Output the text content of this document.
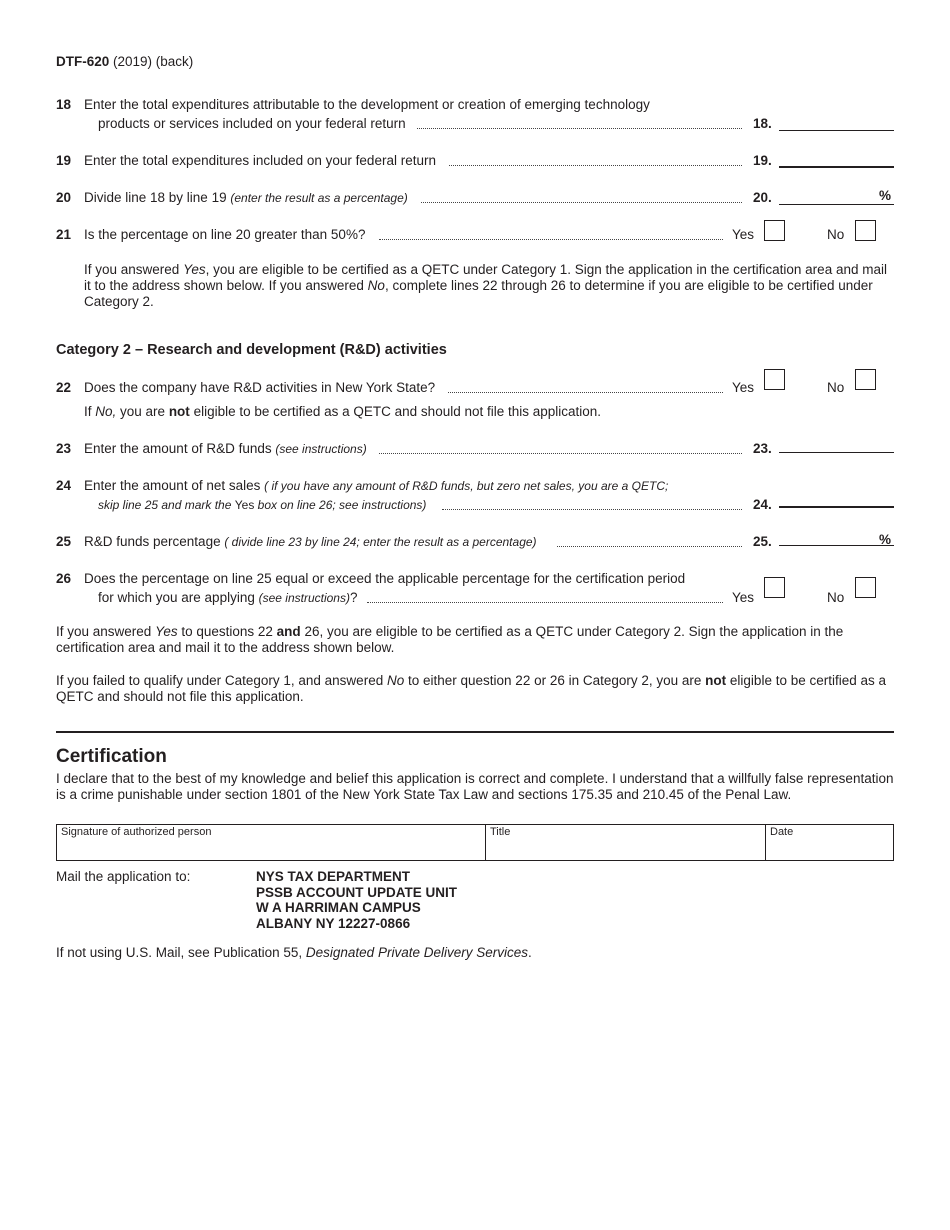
DTF-620 (2019) (back)
18 Enter the total expenditures attributable to the development or creation of emerging technology
products or services included on your federal return	18.
19 Enter the total expenditures included on your federal return	19.
20 Divide line 18 by line 19 (enter the result as a percentage)	20.	%
21 Is the percentage on line 20 greater than 50%?	Yes	No
If you answered Yes, you are eligible to be certified as a QETC under Category 1. Sign the application in the certification area and mail it to the address shown below. If you answered No, complete lines 22 through 26 to determine if you are eligible to be certified under Category 2.
Category 2 – Research and development (R&D) activities
22 Does the company have R&D activities in New York State?	Yes	No
If No, you are not eligible to be certified as a QETC and should not file this application.
23 Enter the amount of R&D funds (see instructions)	23.
24 Enter the amount of net sales ( if you have any amount of R&D funds, but zero net sales, you are a QETC;
skip line 25 and mark the Yes box on line 26; see instructions)	24.
25 R&D funds percentage ( divide line 23 by line 24; enter the result as a percentage)	25.	%
26 Does the percentage on line 25 equal or exceed the applicable percentage for the certification period
for which you are applying (see instructions)?	Yes	No
If you answered Yes to questions 22 and 26, you are eligible to be certified as a QETC under Category 2. Sign the application in the certification area and mail it to the address shown below.
If you failed to qualify under Category 1, and answered No to either question 22 or 26 in Category 2, you are not eligible to be certified as a QETC and should not file this application.
Certification
I declare that to the best of my knowledge and belief this application is correct and complete. I understand that a willfully false representation is a crime punishable under section 1801 of the New York State Tax Law and sections 175.35 and 210.45 of the Penal Law.
Signature of authorized person	Title	Date
Mail the application to:	NYS TAX DEPARTMENT
PSSB ACCOUNT UPDATE UNIT
W A HARRIMAN CAMPUS
ALBANY NY 12227-0866
If not using U.S. Mail, see Publication 55, Designated Private Delivery Services.
